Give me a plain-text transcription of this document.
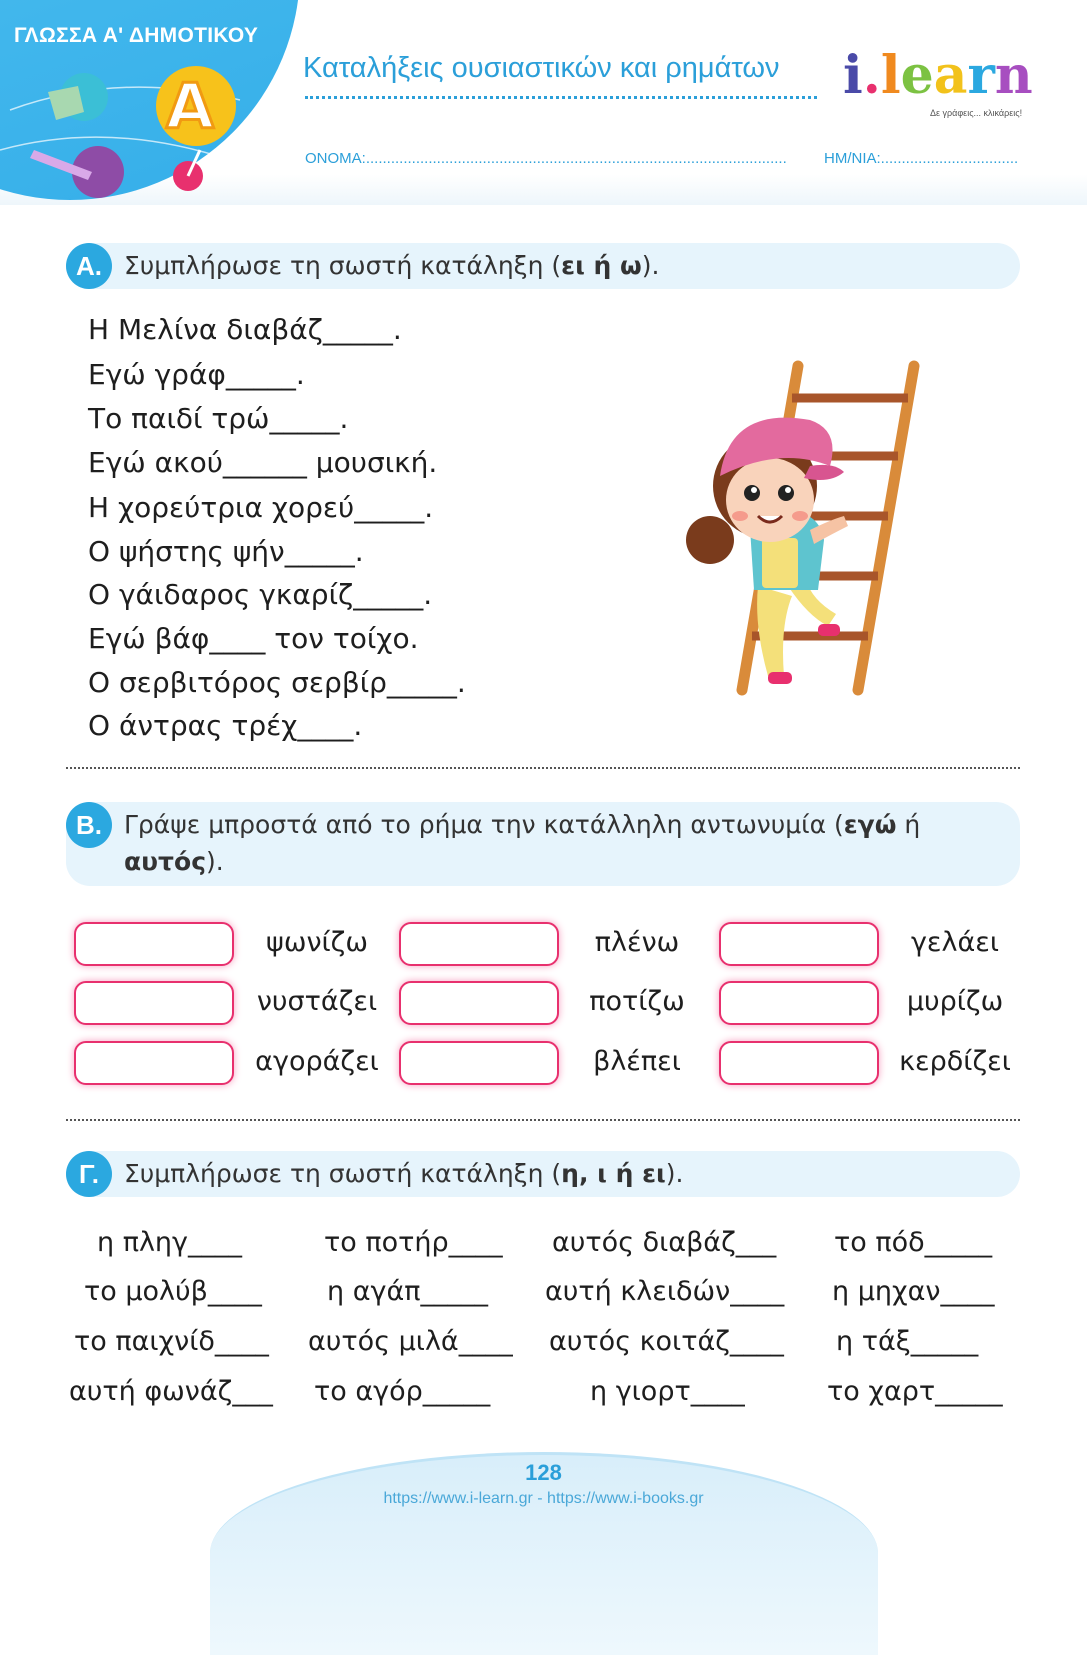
ΓΛΩΣΣΑ Α' ΔΗΜΟΤΙΚΟΥ
A
Καταλήξεις ουσιαστικών και ρημάτων i.learn
Δε γράφεις... κλικάρεις!
ΟΝΟΜΑ:..................................................................................................... ΗΜ/ΝΙΑ:.................................
Α. Συμπλήρωσε τη σωστή κατάληξη (ει ή ω).
Η Μελίνα διαβάζ_____.
Εγώ γράφ_____.
Το παιδί τρώ_____.
Εγώ ακού______ μουσική.
Η χορεύτρια χορεύ_____.
Ο ψήστης ψήν_____.
Ο γάιδαρος γκαρίζ_____.
Εγώ βάφ____ τον τοίχο.
Ο σερβιτόρος σερβίρ_____.
Ο άντρας τρέχ____.
Β. Γράψε μπροστά από το ρήμα την κατάλληλη αντωνυμία (εγώ ή αυτός).
ψωνίζω	πλένω	γελάει
νυστάζει	ποτίζω	μυρίζω
αγοράζει	βλέπει	κερδίζει
Γ.	Συμπλήρωσε τη σωστή κατάληξη (η, ι ή ει).
η πληγ____	το ποτήρ____ αυτός διαβάζ___ το πόδ_____
το μολύβ____ η αγάπ_____ αυτή κλειδών____ η μηχαν____
το παιχνίδ____ αυτός μιλά____ αυτός κοιτάζ____ η τάξ_____
αυτή φωνάζ___ το αγόρ_____	η γιορτ____	το χαρτ_____
128
https://www.i-learn.gr - https://www.i-books.gr
